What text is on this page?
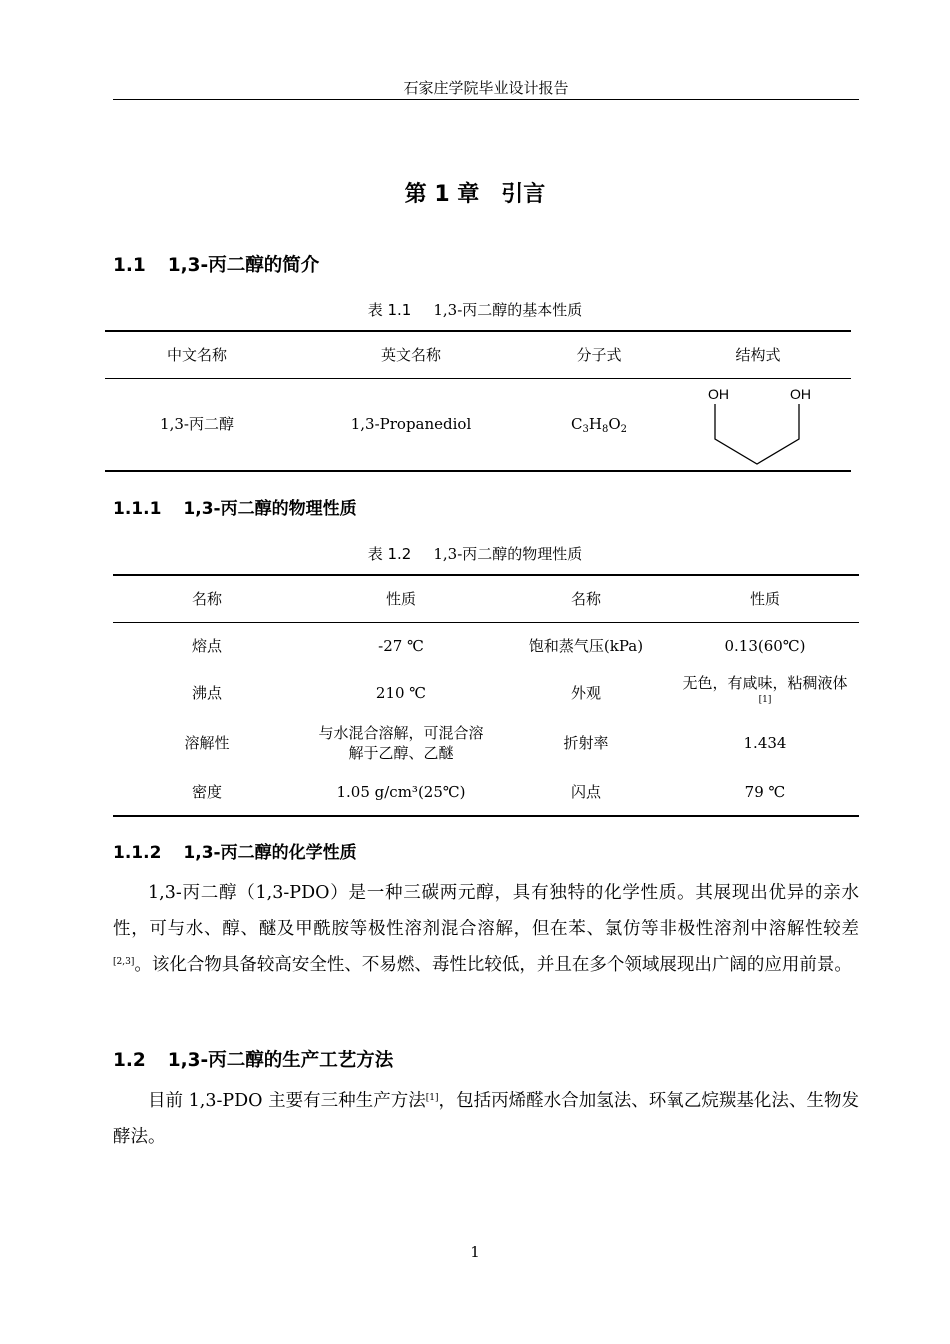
石家庄学院毕业设计报告
第 1 章　引言
1.1 1,3-丙二醇的简介
表 1.1 1,3-丙二醇的基本性质
中文名称	英文名称	分子式	结构式
1,3-丙二醇	1,3-Propanediol	$C_3H_8O_2$	OH OH
1.1.1 1,3-丙二醇的物理性质
表 1.2 1,3-丙二醇的物理性质
名称	性质	名称	性质
熔点	-27 ℃	饱和蒸气压(kPa)	0.13(60℃)
沸点	210 ℃	外观	无色，有咸味，粘稠液体[1]
溶解性	与水混合溶解，可混合溶解于乙醇、乙醚	折射率	1.434
密度	1.05 g/cm³(25℃)	闪点	79 ℃
1.1.2 1,3-丙二醇的化学性质
1,3-丙二醇（1,3-PDO）是一种三碳两元醇，具有独特的化学性质。其展现出优异的亲水性，可与水、醇、醚及甲酰胺等极性溶剂混合溶解，但在苯、氯仿等非极性溶剂中溶解性较差[2,3]。该化合物具备较高安全性、不易燃、毒性比较低，并且在多个领域展现出广阔的应用前景。
1.2 1,3-丙二醇的生产工艺方法
目前 1,3-PDO 主要有三种生产方法[1]，包括丙烯醛水合加氢法、环氧乙烷羰基化法、生物发酵法。
1
